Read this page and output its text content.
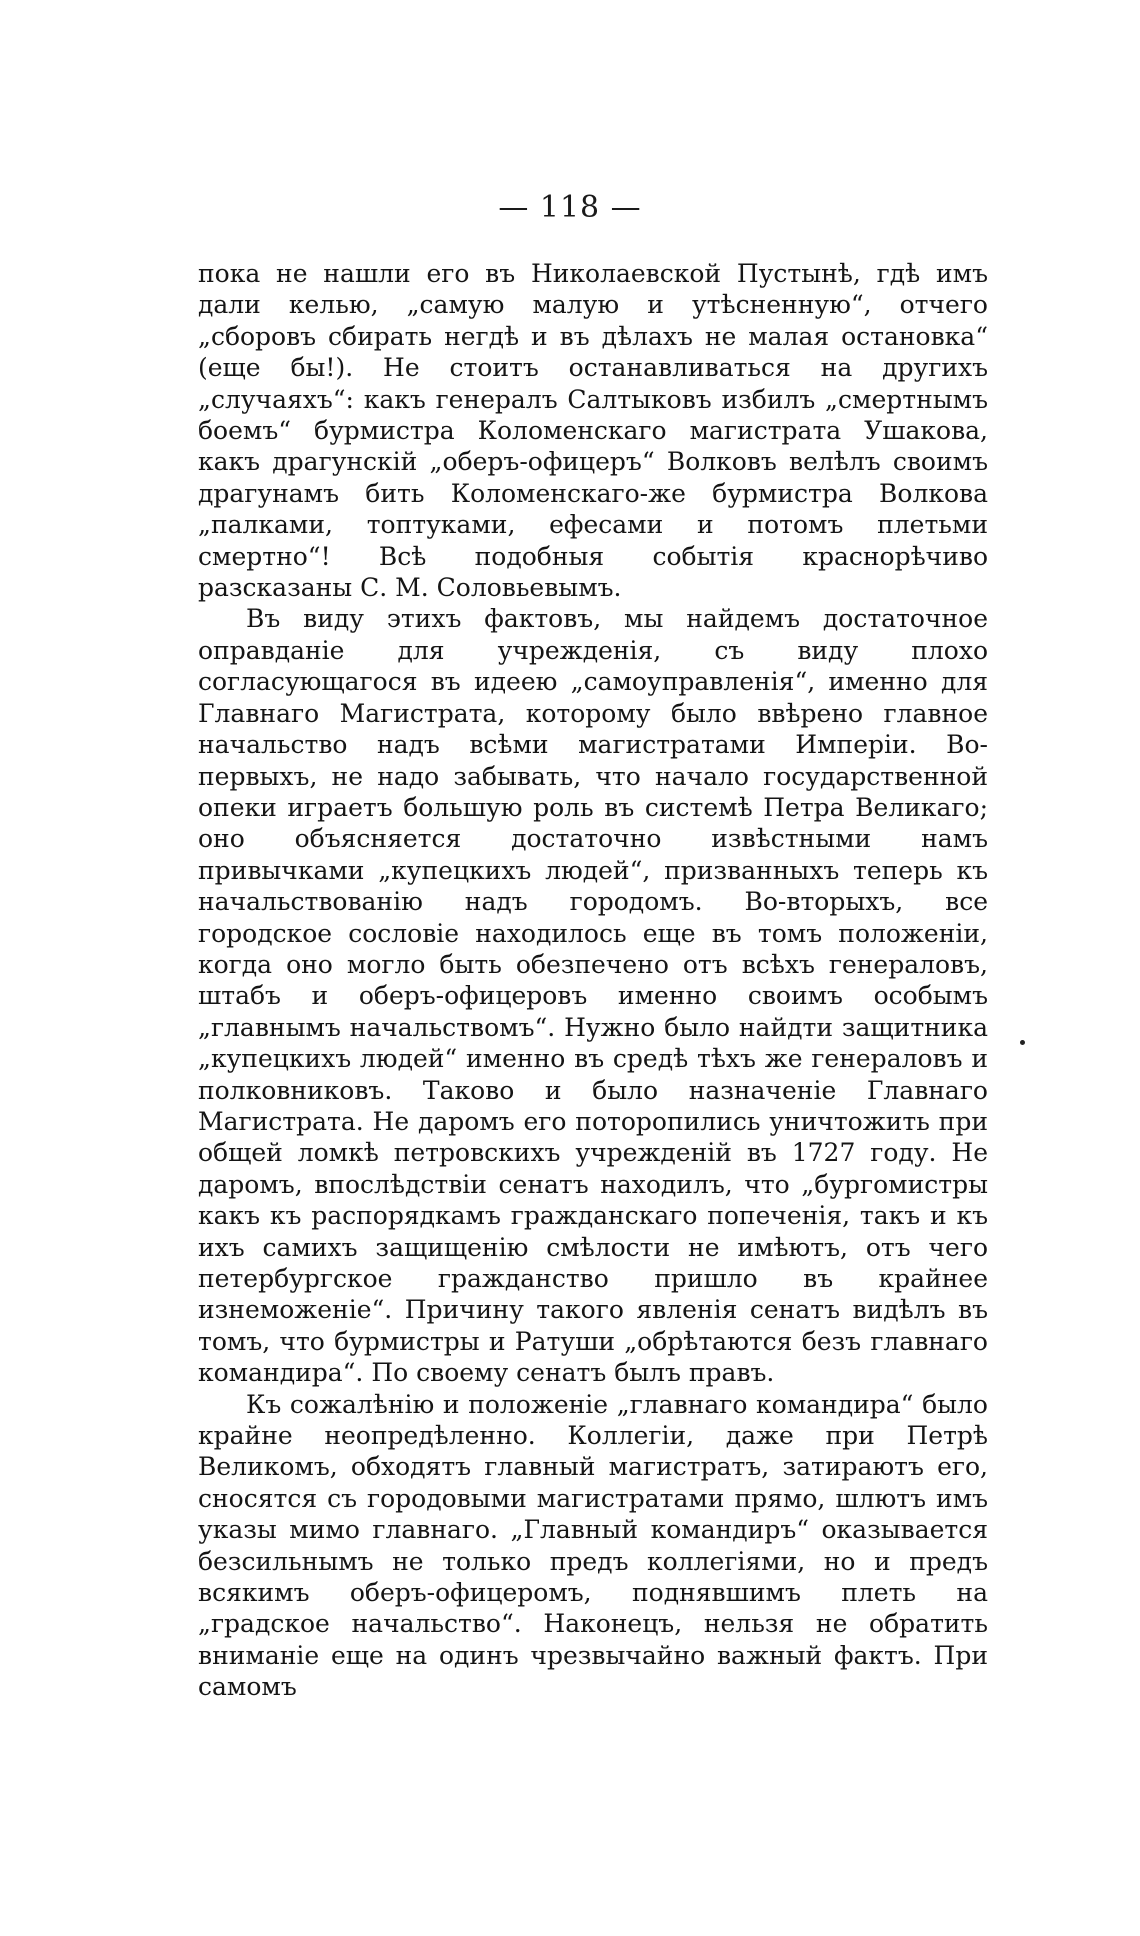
— 118 —

пока не нашли его въ Николаевской Пустынѣ, гдѣ имъ дали келью, „самую малую и утѣсненную“, отчего „сборовъ сбирать негдѣ и въ дѣлахъ не малая остановка“ (еще бы!). Не стоитъ останавливаться на другихъ „случаяхъ“: какъ генералъ Салтыковъ избилъ „смертнымъ боемъ“ бурмистра Коломенскаго магистрата Ушакова, какъ драгунскій „оберъ-офицеръ“ Волковъ велѣлъ своимъ драгунамъ бить Коломенскаго-же бурмистра Волкова „палками, топтуками, ефесами и потомъ плетьми смертно“! Всѣ подобныя событія краснорѣчиво разсказаны С. М. Соловьевымъ.

Въ виду этихъ фактовъ, мы найдемъ достаточное оправданіе для учрежденія, съ виду плохо согласующагося въ идеею „самоуправленія“, именно для Главнаго Магистрата, которому было ввѣрено главное начальство надъ всѣми магистратами Имперіи. Во-первыхъ, не надо забывать, что начало государственной опеки играетъ большую роль въ системѣ Петра Великаго; оно объясняется достаточно извѣстными намъ привычками „купецкихъ людей“, призванныхъ теперь къ начальствованію надъ городомъ. Во-вторыхъ, все городское сословіе находилось еще въ томъ положеніи, когда оно могло быть обезпечено отъ всѣхъ генераловъ, штабъ и оберъ-офицеровъ именно своимъ особымъ „главнымъ начальствомъ“. Нужно было найдти защитника „купецкихъ людей“ именно въ средѣ тѣхъ же генераловъ и полковниковъ. Таково и было назначеніе Главнаго Магистрата. Не даромъ его поторопились уничтожить при общей ломкѣ петровскихъ учрежденій въ 1727 году. Не даромъ, впослѣдствіи сенатъ находилъ, что „бургомистры какъ къ распорядкамъ гражданскаго попеченія, такъ и къ ихъ самихъ защищенію смѣлости не имѣютъ, отъ чего петербургское гражданство пришло въ крайнее изнеможеніе“. Причину такого явленія сенатъ видѣлъ въ томъ, что бурмистры и Ратуши „обрѣтаются безъ главнаго командира“. По своему сенатъ былъ правъ.

Къ сожалѣнію и положеніе „главнаго командира“ было крайне неопредѣленно. Коллегіи, даже при Петрѣ Великомъ, обходятъ главный магистратъ, затираютъ его, сносятся съ городовыми магистратами прямо, шлютъ имъ указы мимо главнаго. „Главный командиръ“ оказывается безсильнымъ не только предъ коллегіями, но и предъ всякимъ оберъ-офицеромъ, поднявшимъ плеть на „градское начальство“. Наконецъ, нельзя не обратить вниманіе еще на одинъ чрезвычайно важный фактъ. При самомъ
